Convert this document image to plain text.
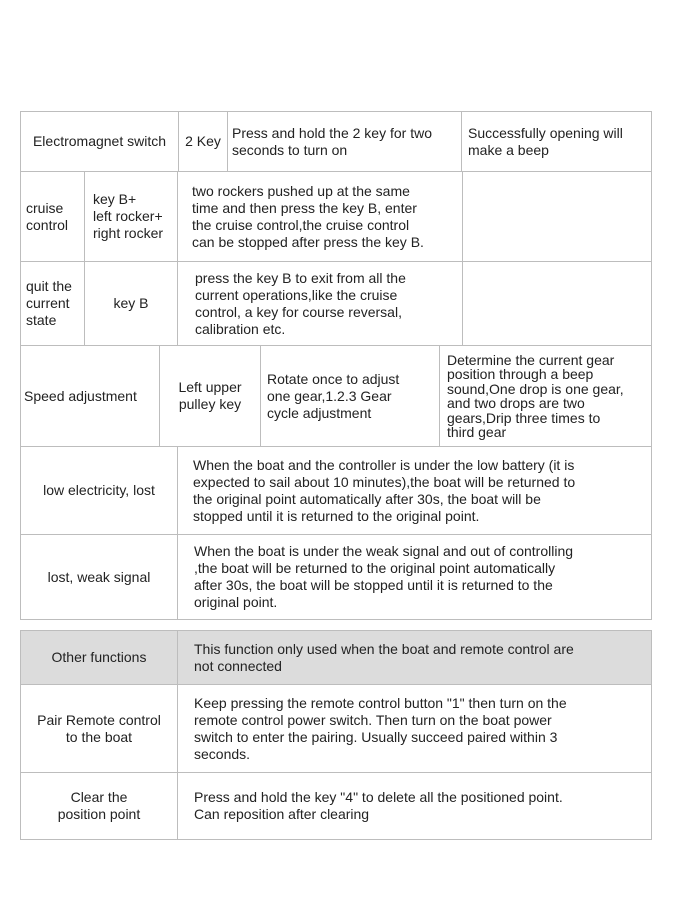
Electromagnet switch	2 Key
Press and hold the 2 key for two
seconds to turn on
Successfully opening will
make a beep
cruise
control
key B+
left rocker+
right rocker
two rockers pushed up at the same
time and then press the key B, enter
the cruise control,the cruise control
can be stopped after press the key B.
quit the
current
state
key B
press the key B to exit from all the
current operations,like the cruise
control, a key for course reversal,
calibration etc.
Speed adjustment
Left upper
pulley key
Rotate once to adjust
one gear,1.2.3 Gear
cycle adjustment
Determine the current gear
position through a beep
sound,One drop is one gear,
and two drops are two
gears,Drip three times to
third gear
low electricity, lost
When the boat and the controller is under the low battery (it is
expected to sail about 10 minutes),the boat will be returned to
the original point automatically after 30s, the boat will be
stopped until it is returned to the original point.
lost, weak signal
When the boat is under the weak signal and out of controlling
,the boat will be returned to the original point automatically
after 30s, the boat will be stopped until it is returned to the
original point.
Other functions
This function only used when the boat and remote control are
not connected
Pair Remote control
to the boat
Keep pressing the remote control button "1" then turn on the
remote control power switch. Then turn on the boat power
switch to enter the pairing. Usually succeed paired within 3
seconds.
Clear the
position point
Press and hold the key "4" to delete all the positioned point.
Can reposition after clearing
